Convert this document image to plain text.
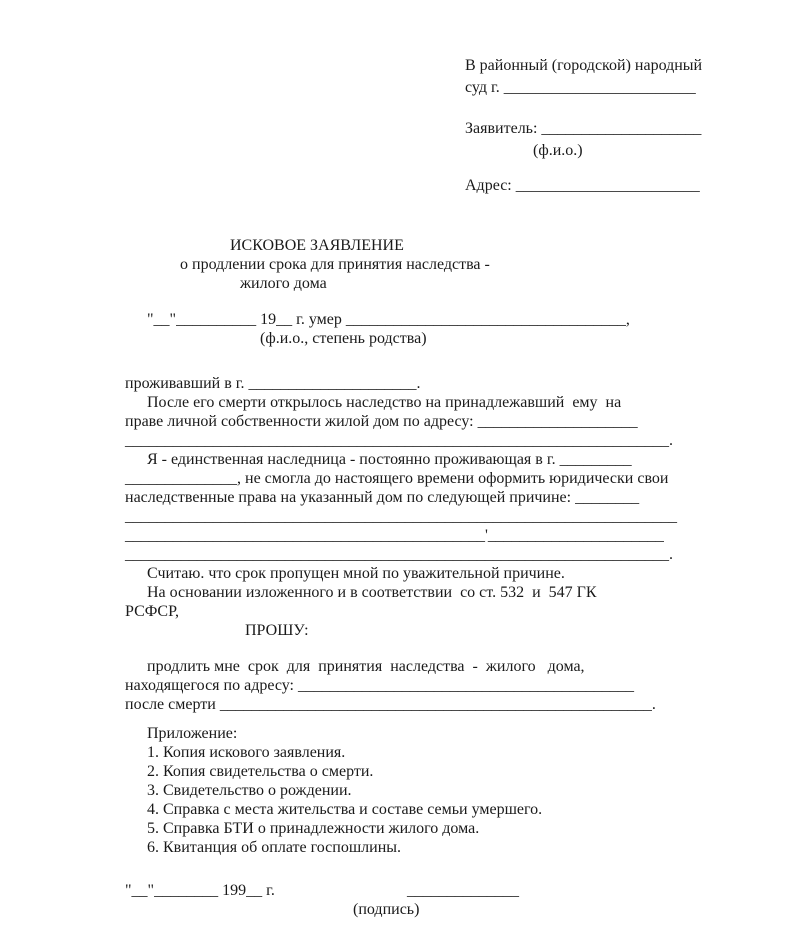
В районный (городской) народный
суд г. ________________________
Заявитель: ____________________
(ф.и.о.)
Адрес: _______________________
ИСКОВОЕ ЗАЯВЛЕНИЕ
о продлении срока для принятия наследства -
жилого дома
"__"__________ 19__ г. умер ___________________________________,
(ф.и.о., степень родства)
проживавший в г. _____________________.
После его смерти открылось наследство на принадлежавший  ему  на
праве личной собственности жилой дом по адресу: ____________________
____________________________________________________________________.
Я - единственная наследница - постоянно проживающая в г. _________
______________, не смогла до настоящего времени оформить юридически свои
наследственные права на указанный дом по следующей причине: ________
_____________________________________________________________________
_____________________________________________'______________________
____________________________________________________________________.
Считаю. что срок пропущен мной по уважительной причине.
На основании изложенного и в соответствии  со ст. 532  и  547 ГК
РСФСР,
ПРОШУ:
продлить мне  срок  для  принятия  наследства  -  жилого   дома,
находящегося по адресу: __________________________________________
после смерти ______________________________________________________.
Приложение:
1. Копия искового заявления.
2. Копия свидетельства о смерти.
3. Свидетельство о рождении.
4. Справка с места жительства и составе семьи умершего.
5. Справка БТИ о принадлежности жилого дома.
6. Квитанция об оплате госпошлины.
"__"________ 199__ г.	______________
(подпись)
